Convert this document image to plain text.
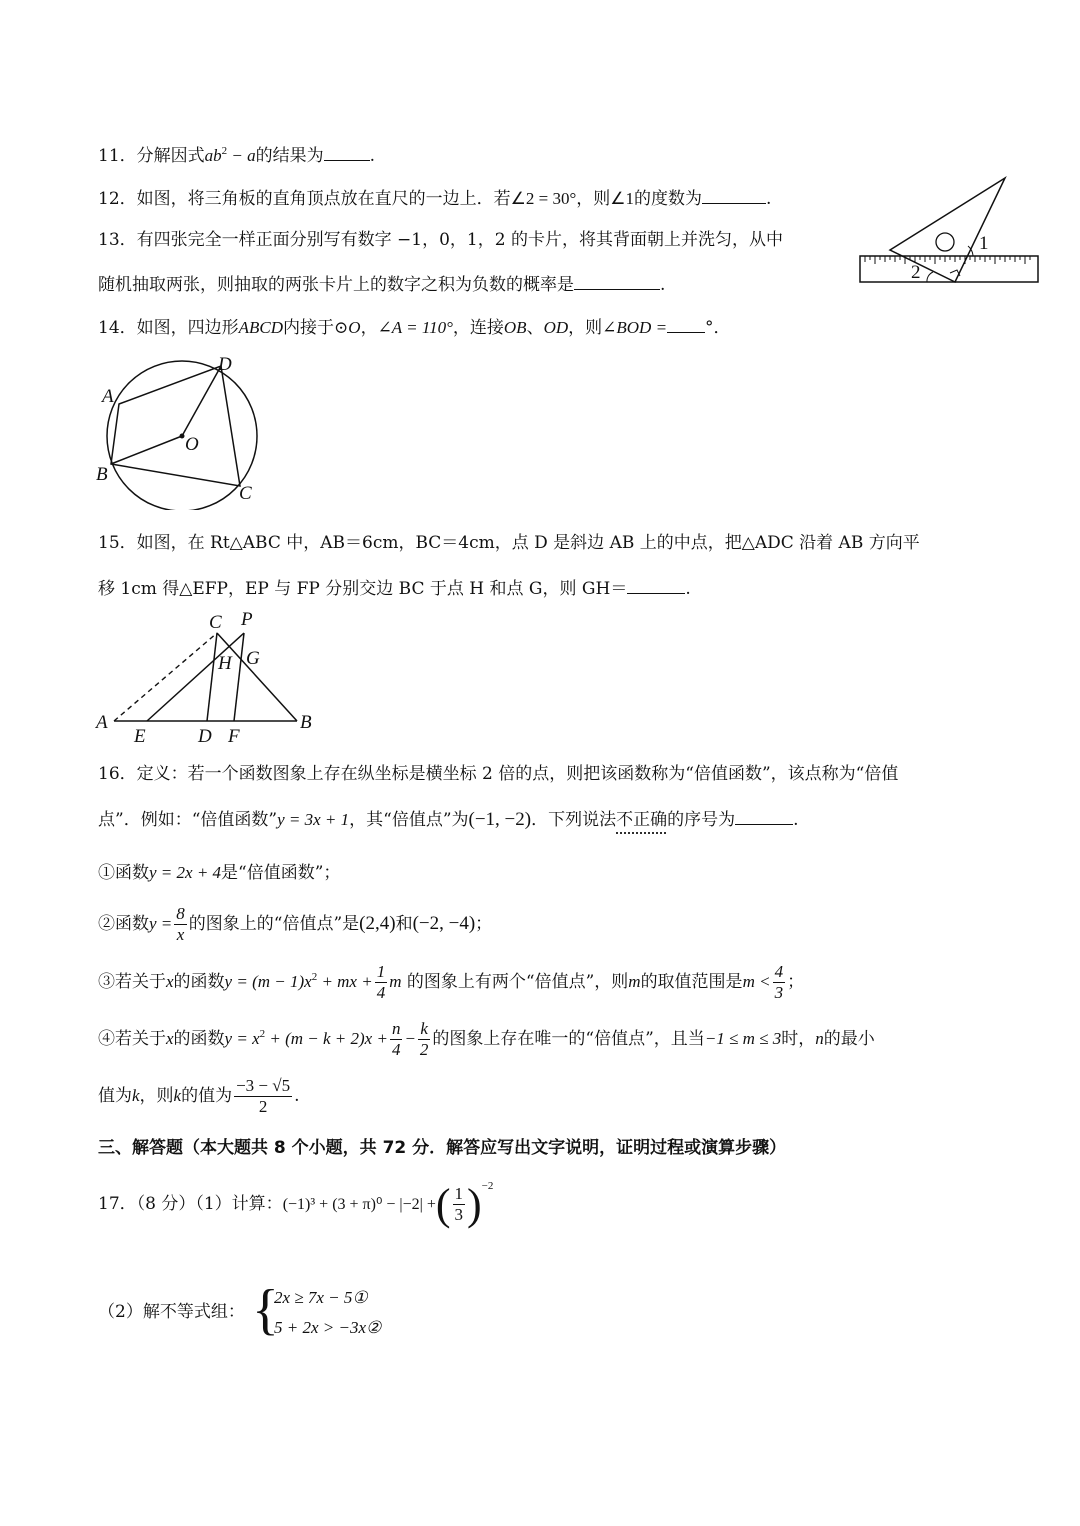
11．分解因式$ab^2 - a$的结果为	.
12．如图，将三角板的直角顶点放在直尺的一边上．若∠2 = 30°，则∠1的度数为	.
13．有四张完全一样正面分别写有数字 −1，0，1，2 的卡片，将其背面朝上并洗匀，从中
随机抽取两张，则抽取的两张卡片上的数字之积为负数的概率是	.
1
2
14．如图，四边形ABCD内接于⊙O，∠A = 110°，连接OB、OD，则∠BOD = °．
A
D
O
B
C
15．如图，在 Rt△ABC 中，AB＝6cm，BC＝4cm，点 D 是斜边 AB 上的中点，把△ADC 沿着 AB 方向平
移 1cm 得△EFP，EP 与 FP 分别交边 BC 于点 H 和点 G，则 GH＝	.
C P
H G
A
E	D F
B
16．定义：若一个函数图象上存在纵坐标是横坐标 2 倍的点，则把该函数称为“倍值函数”，该点称为“倍值
点”．例如：“倍值函数”y = 3x + 1，其“倍值点”为(−1, −2)．下列说法不正确的序号为	.
①函数y = 2x + 4是“倍值函数”；
②函数$y = \frac{8}{x}$ 的图象上的“倍值点”是(2,4)和(−2, −4)；
③若关于x的函数$y = (m - 1)x^2$ + mx + $\frac{1}{4}$ m 的图象上有两个“倍值点”，则m的取值范围是$m < \frac{4}{3}$ ；
④若关于x的函数$y = x^2 + (m - k + 2)x + \frac{n}{4} - \frac{k}{2}$ 的图象上存在唯一的“倍值点”，且当−1 ≤ m ≤ 3时，n的最小
值为k，则k的值为 $\frac{-3 - √5}{2}$ .
三、解答题（本大题共 8 个小题，共 72 分．解答应写出文字说明，证明过程或演算步骤）
17．（8 分）（1）计算：(−1)³ + (3 + π)⁰ − |−2| +( $\frac{1}{3} )^{-2}$
（2）解不等式组： {
2x ≥ 7x − 5①
5 + 2x > −3x②
